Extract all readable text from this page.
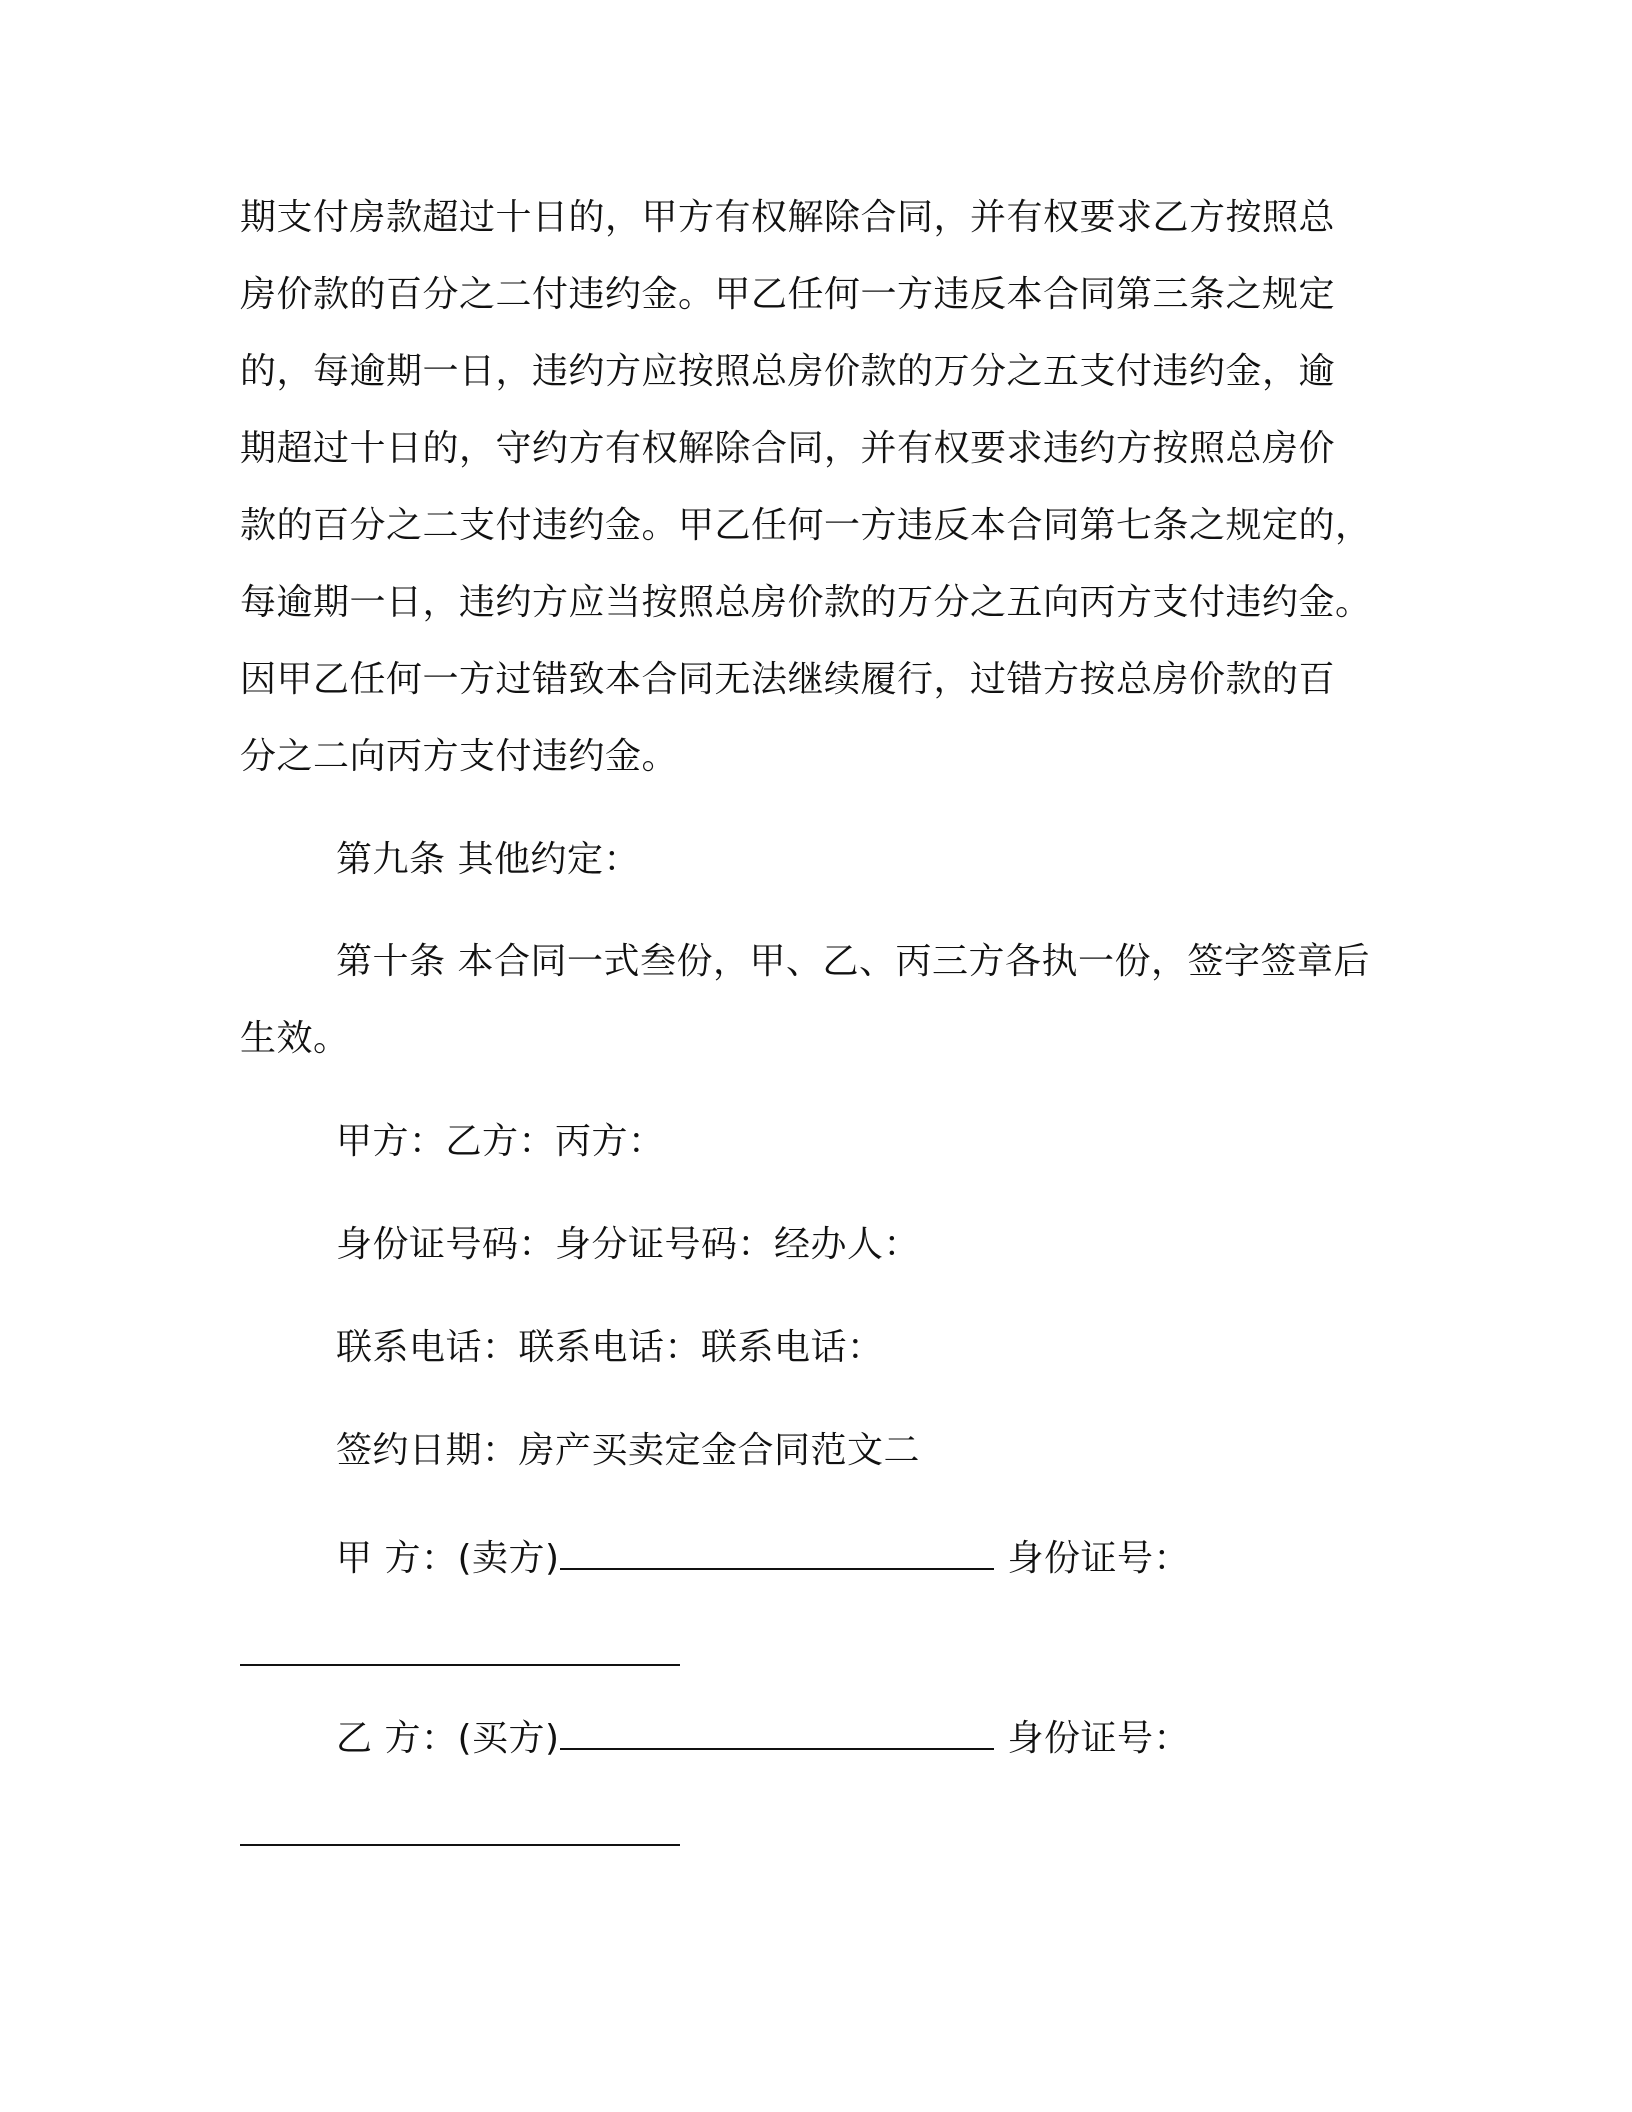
期支付房款超过十日的，甲方有权解除合同，并有权要求乙方按照总
房价款的百分之二付违约金。甲乙任何一方违反本合同第三条之规定
的，每逾期一日，违约方应按照总房价款的万分之五支付违约金，逾
期超过十日的，守约方有权解除合同，并有权要求违约方按照总房价
款的百分之二支付违约金。甲乙任何一方违反本合同第七条之规定的，
每逾期一日，违约方应当按照总房价款的万分之五向丙方支付违约金。
因甲乙任何一方过错致本合同无法继续履行，过错方按总房价款的百
分之二向丙方支付违约金。
第九条 其他约定：
第十条 本合同一式叁份，甲、乙、丙三方各执一份，签字签章后
生效。
甲方：乙方：丙方：
身份证号码：身分证号码：经办人：
联系电话：联系电话：联系电话：
签约日期：房产买卖定金合同范文二
甲 方：(卖方)	身份证号：
乙 方：(买方)	身份证号：
